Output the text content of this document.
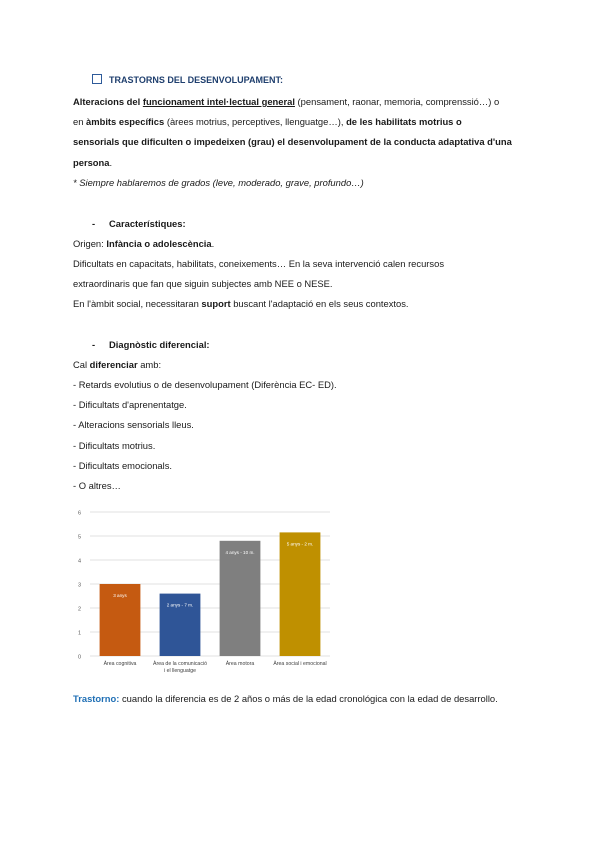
TRASTORNS DEL DESENVOLUPAMENT:
Alteracions del funcionament intel·lectual general (pensament, raonar, memoria, comprenssió…) o
en àmbits específics (àrees motrius, perceptives, llenguatge…), de les habilitats motrius o
sensorials que dificulten o impedeixen (grau) el desenvolupament de la conducta adaptativa d'una
persona.
* Siempre hablaremos de grados (leve, moderado, grave, profundo…)
- Característiques:
Origen: Infància o adolescència.
Dificultats en capacitats, habilitats, coneixements… En la seva intervenció calen recursos
extraordinaris que fan que siguin subjectes amb NEE o NESE.
En l'àmbit social, necessitaran suport buscant l'adaptació en els seus contextos.
- Diagnòstic diferencial:
Cal diferenciar amb:
- Retards evolutius o de desenvolupament (Diferència EC- ED).
- Dificultats d'aprenentatge.
- Alteracions sensorials lleus.
- Dificultats motrius.
- Dificultats emocionals.
- O altres…
0
1
2
3
4
5
6
3 anys
Àrea cognitiva
2 anys - 7 m.
Àrea de la comunicació
i el llenguatge
4 anys - 10 m.
Àrea motora
5 anys - 2 m.
Àrea social i emocional
Trastorno: cuando la diferencia es de 2 años o más de la edad cronológica con la edad de desarrollo.
